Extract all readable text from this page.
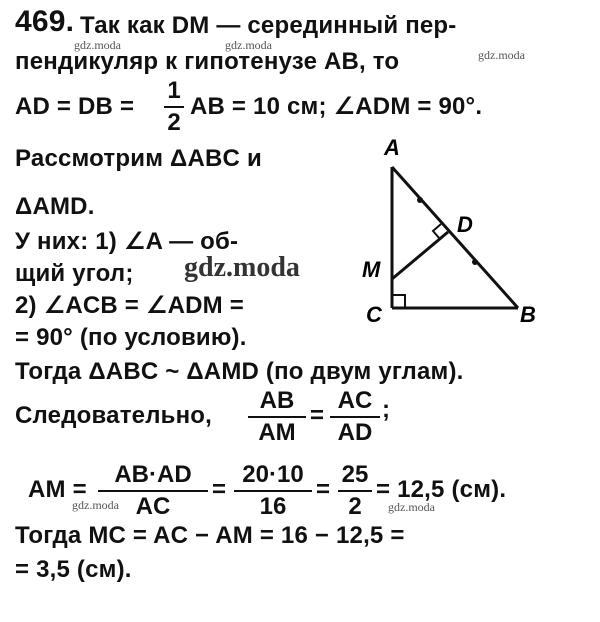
469. Так как DM — серединный пер-
пендикуляр к гипотенузе AB, то
AD = DB =
1
2
AB = 10 см; ∠ADM = 90°.
Рассмотрим ΔABC и
ΔAMD.
У них: 1) ∠A — об-
щий угол;
2) ∠ACB = ∠ADM =
= 90° (по условию).
Тогда ΔABC ~ ΔAMD (по двум углам).
Следовательно,
AB
AM
=
AC
AD
;
AM =
AB·AD
AC
=
20·10
16
=
25
2
= 12,5 (см).
Тогда MC = AC − AM = 16 − 12,5 =
= 3,5 (см).
A
D
M
C	B
gdz.moda	gdz.moda
gdz.moda
gdz.moda
gdz.moda	gdz.moda
